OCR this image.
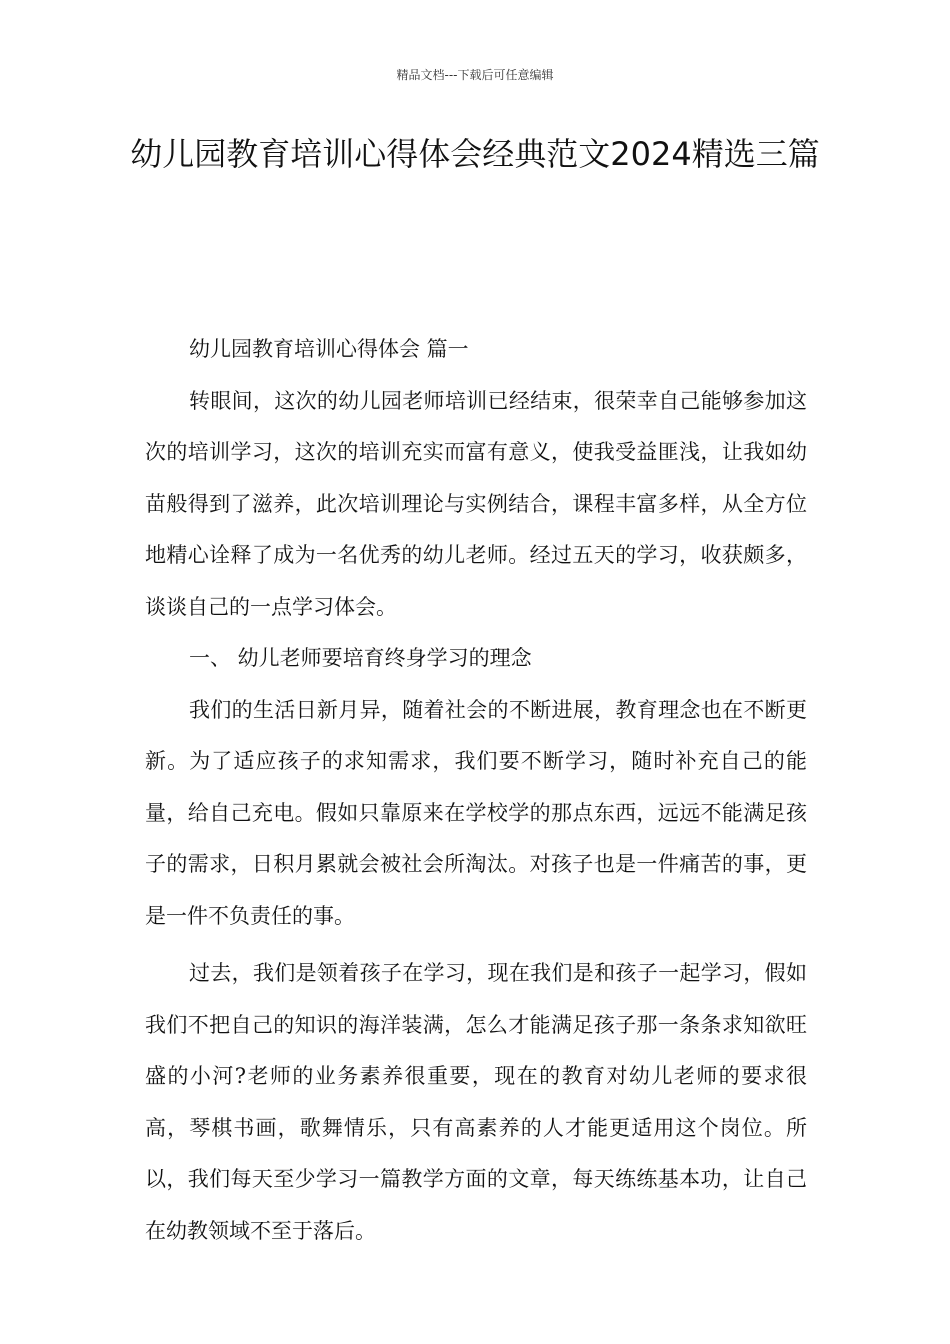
精品文档---下载后可任意编辑
幼儿园教育培训心得体会经典范文2024精选三篇

幼儿园教育培训心得体会 篇一

转眼间，这次的幼儿园老师培训已经结束，很荣幸自己能够参加这次的培训学习，这次的培训充实而富有意义，使我受益匪浅，让我如幼苗般得到了滋养，此次培训理论与实例结合，课程丰富多样，从全方位地精心诠释了成为一名优秀的幼儿老师。经过五天的学习，收获颇多，谈谈自己的一点学习体会。

一、 幼儿老师要培育终身学习的理念

我们的生活日新月异，随着社会的不断进展，教育理念也在不断更新。为了适应孩子的求知需求，我们要不断学习，随时补充自己的能量，给自己充电。假如只靠原来在学校学的那点东西，远远不能满足孩子的需求，日积月累就会被社会所淘汰。对孩子也是一件痛苦的事，更是一件不负责任的事。

过去，我们是领着孩子在学习，现在我们是和孩子一起学习，假如我们不把自己的知识的海洋装满，怎么才能满足孩子那一条条求知欲旺盛的小河?老师的业务素养很重要，现在的教育对幼儿老师的要求很高，琴棋书画，歌舞情乐，只有高素养的人才能更适用这个岗位。所以，我们每天至少学习一篇教学方面的文章，每天练练基本功，让自己在幼教领域不至于落后。
